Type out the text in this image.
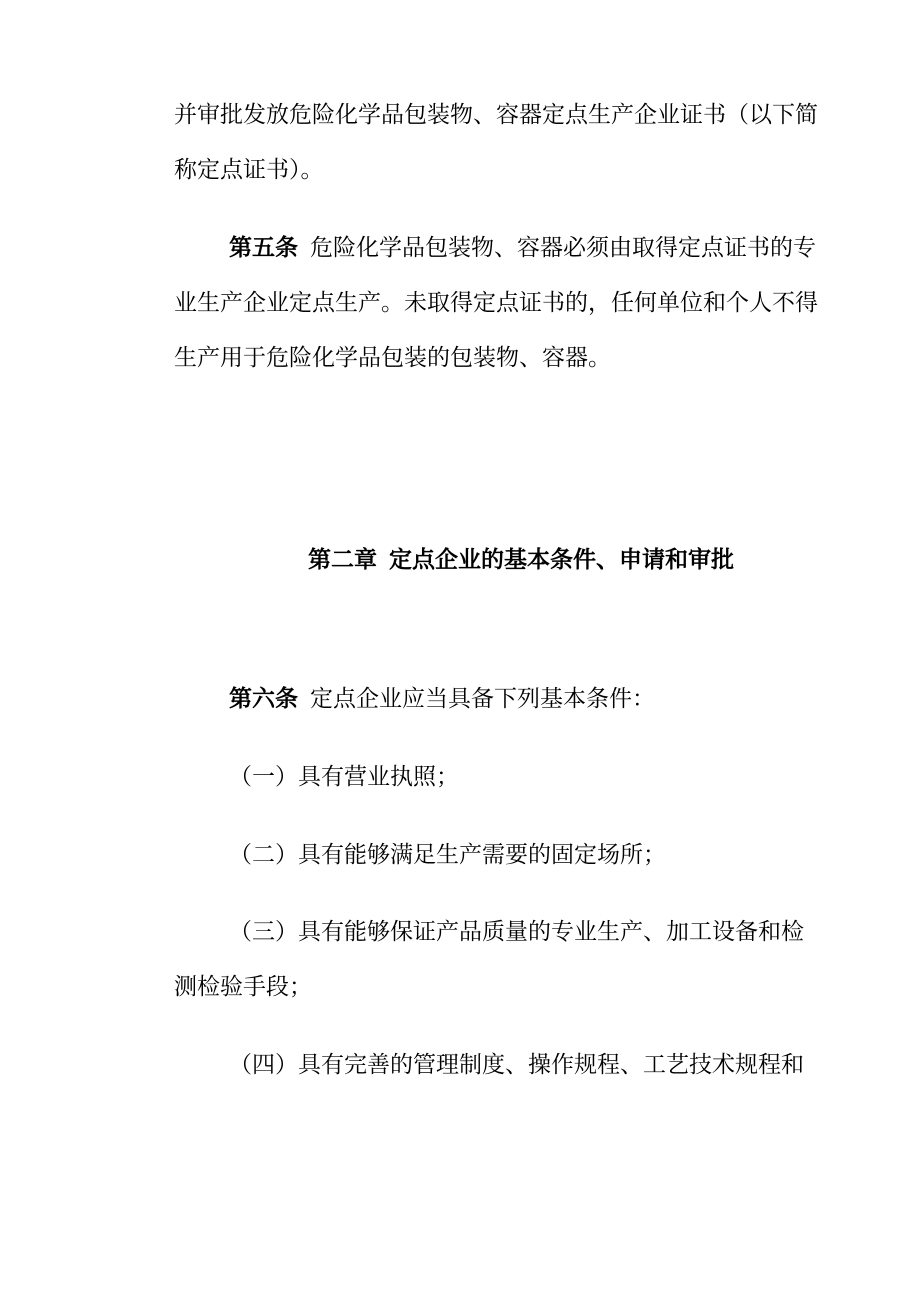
并审批发放危险化学品包装物、容器定点生产企业证书（以下简
称定点证书）。
第五条 危险化学品包装物、容器必须由取得定点证书的专
业生产企业定点生产。未取得定点证书的，任何单位和个人不得
生产用于危险化学品包装的包装物、容器。
第二章 定点企业的基本条件、申请和审批
第六条 定点企业应当具备下列基本条件：
（一）具有营业执照；
（二）具有能够满足生产需要的固定场所；
（三）具有能够保证产品质量的专业生产、加工设备和检
测检验手段；
（四）具有完善的管理制度、操作规程、工艺技术规程和
